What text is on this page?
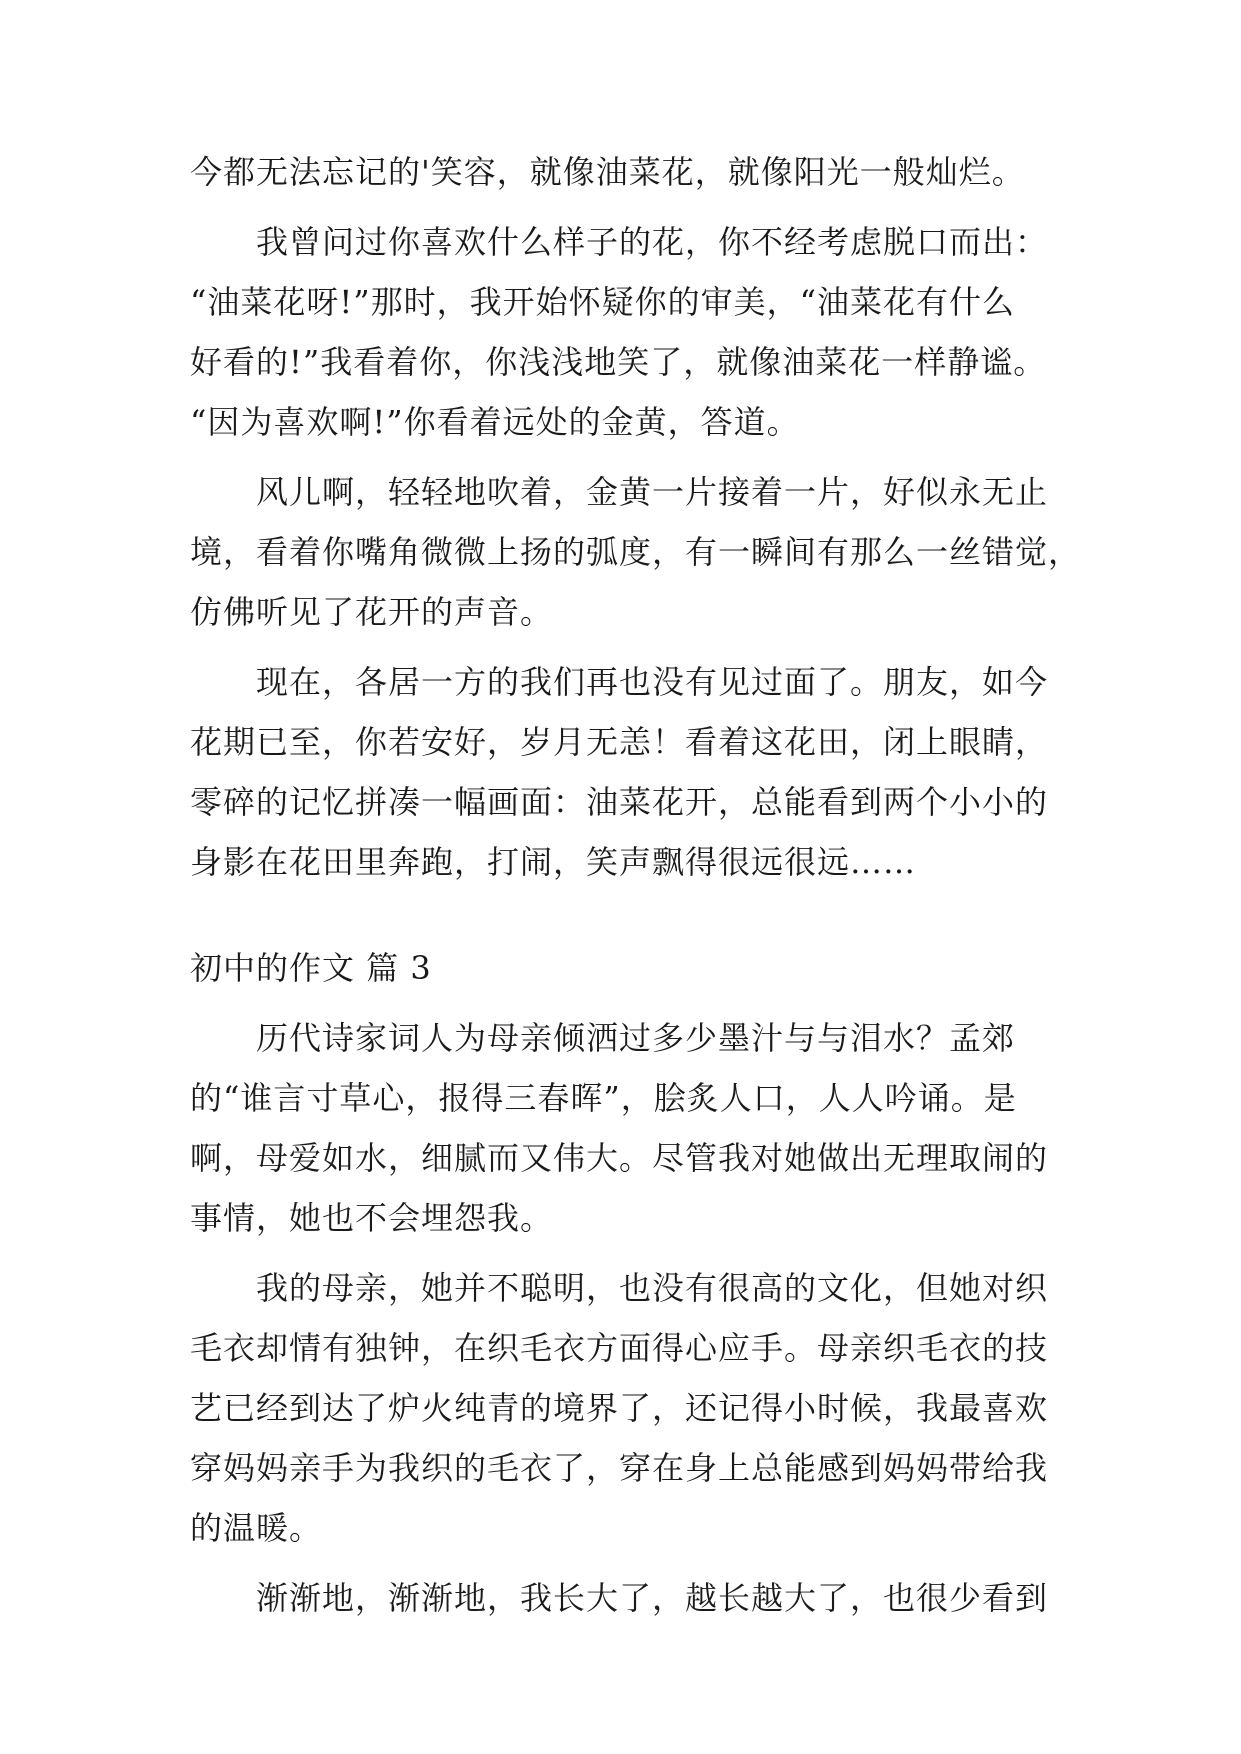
今都无法忘记的'笑容，就像油菜花，就像阳光一般灿烂。
我曾问过你喜欢什么样子的花，你不经考虑脱口而出：
“油菜花呀!”那时，我开始怀疑你的审美，“油菜花有什么
好看的!”我看着你，你浅浅地笑了，就像油菜花一样静谧。
“因为喜欢啊!”你看着远处的金黄，答道。
风儿啊，轻轻地吹着，金黄一片接着一片，好似永无止
境，看着你嘴角微微上扬的弧度，有一瞬间有那么一丝错觉，
仿佛听见了花开的声音。
现在，各居一方的我们再也没有见过面了。朋友，如今
花期已至，你若安好，岁月无恙！看着这花田，闭上眼睛，
零碎的记忆拼凑一幅画面：油菜花开，总能看到两个小小的
身影在花田里奔跑，打闹，笑声飘得很远很远……
初中的作文 篇 3
历代诗家词人为母亲倾洒过多少墨汁与与泪水？孟郊
的“谁言寸草心，报得三春晖”，脍炙人口，人人吟诵。是
啊，母爱如水，细腻而又伟大。尽管我对她做出无理取闹的
事情，她也不会埋怨我。
我的母亲，她并不聪明，也没有很高的文化，但她对织
毛衣却情有独钟，在织毛衣方面得心应手。母亲织毛衣的技
艺已经到达了炉火纯青的境界了，还记得小时候，我最喜欢
穿妈妈亲手为我织的毛衣了，穿在身上总能感到妈妈带给我
的温暖。
渐渐地，渐渐地，我长大了，越长越大了，也很少看到
